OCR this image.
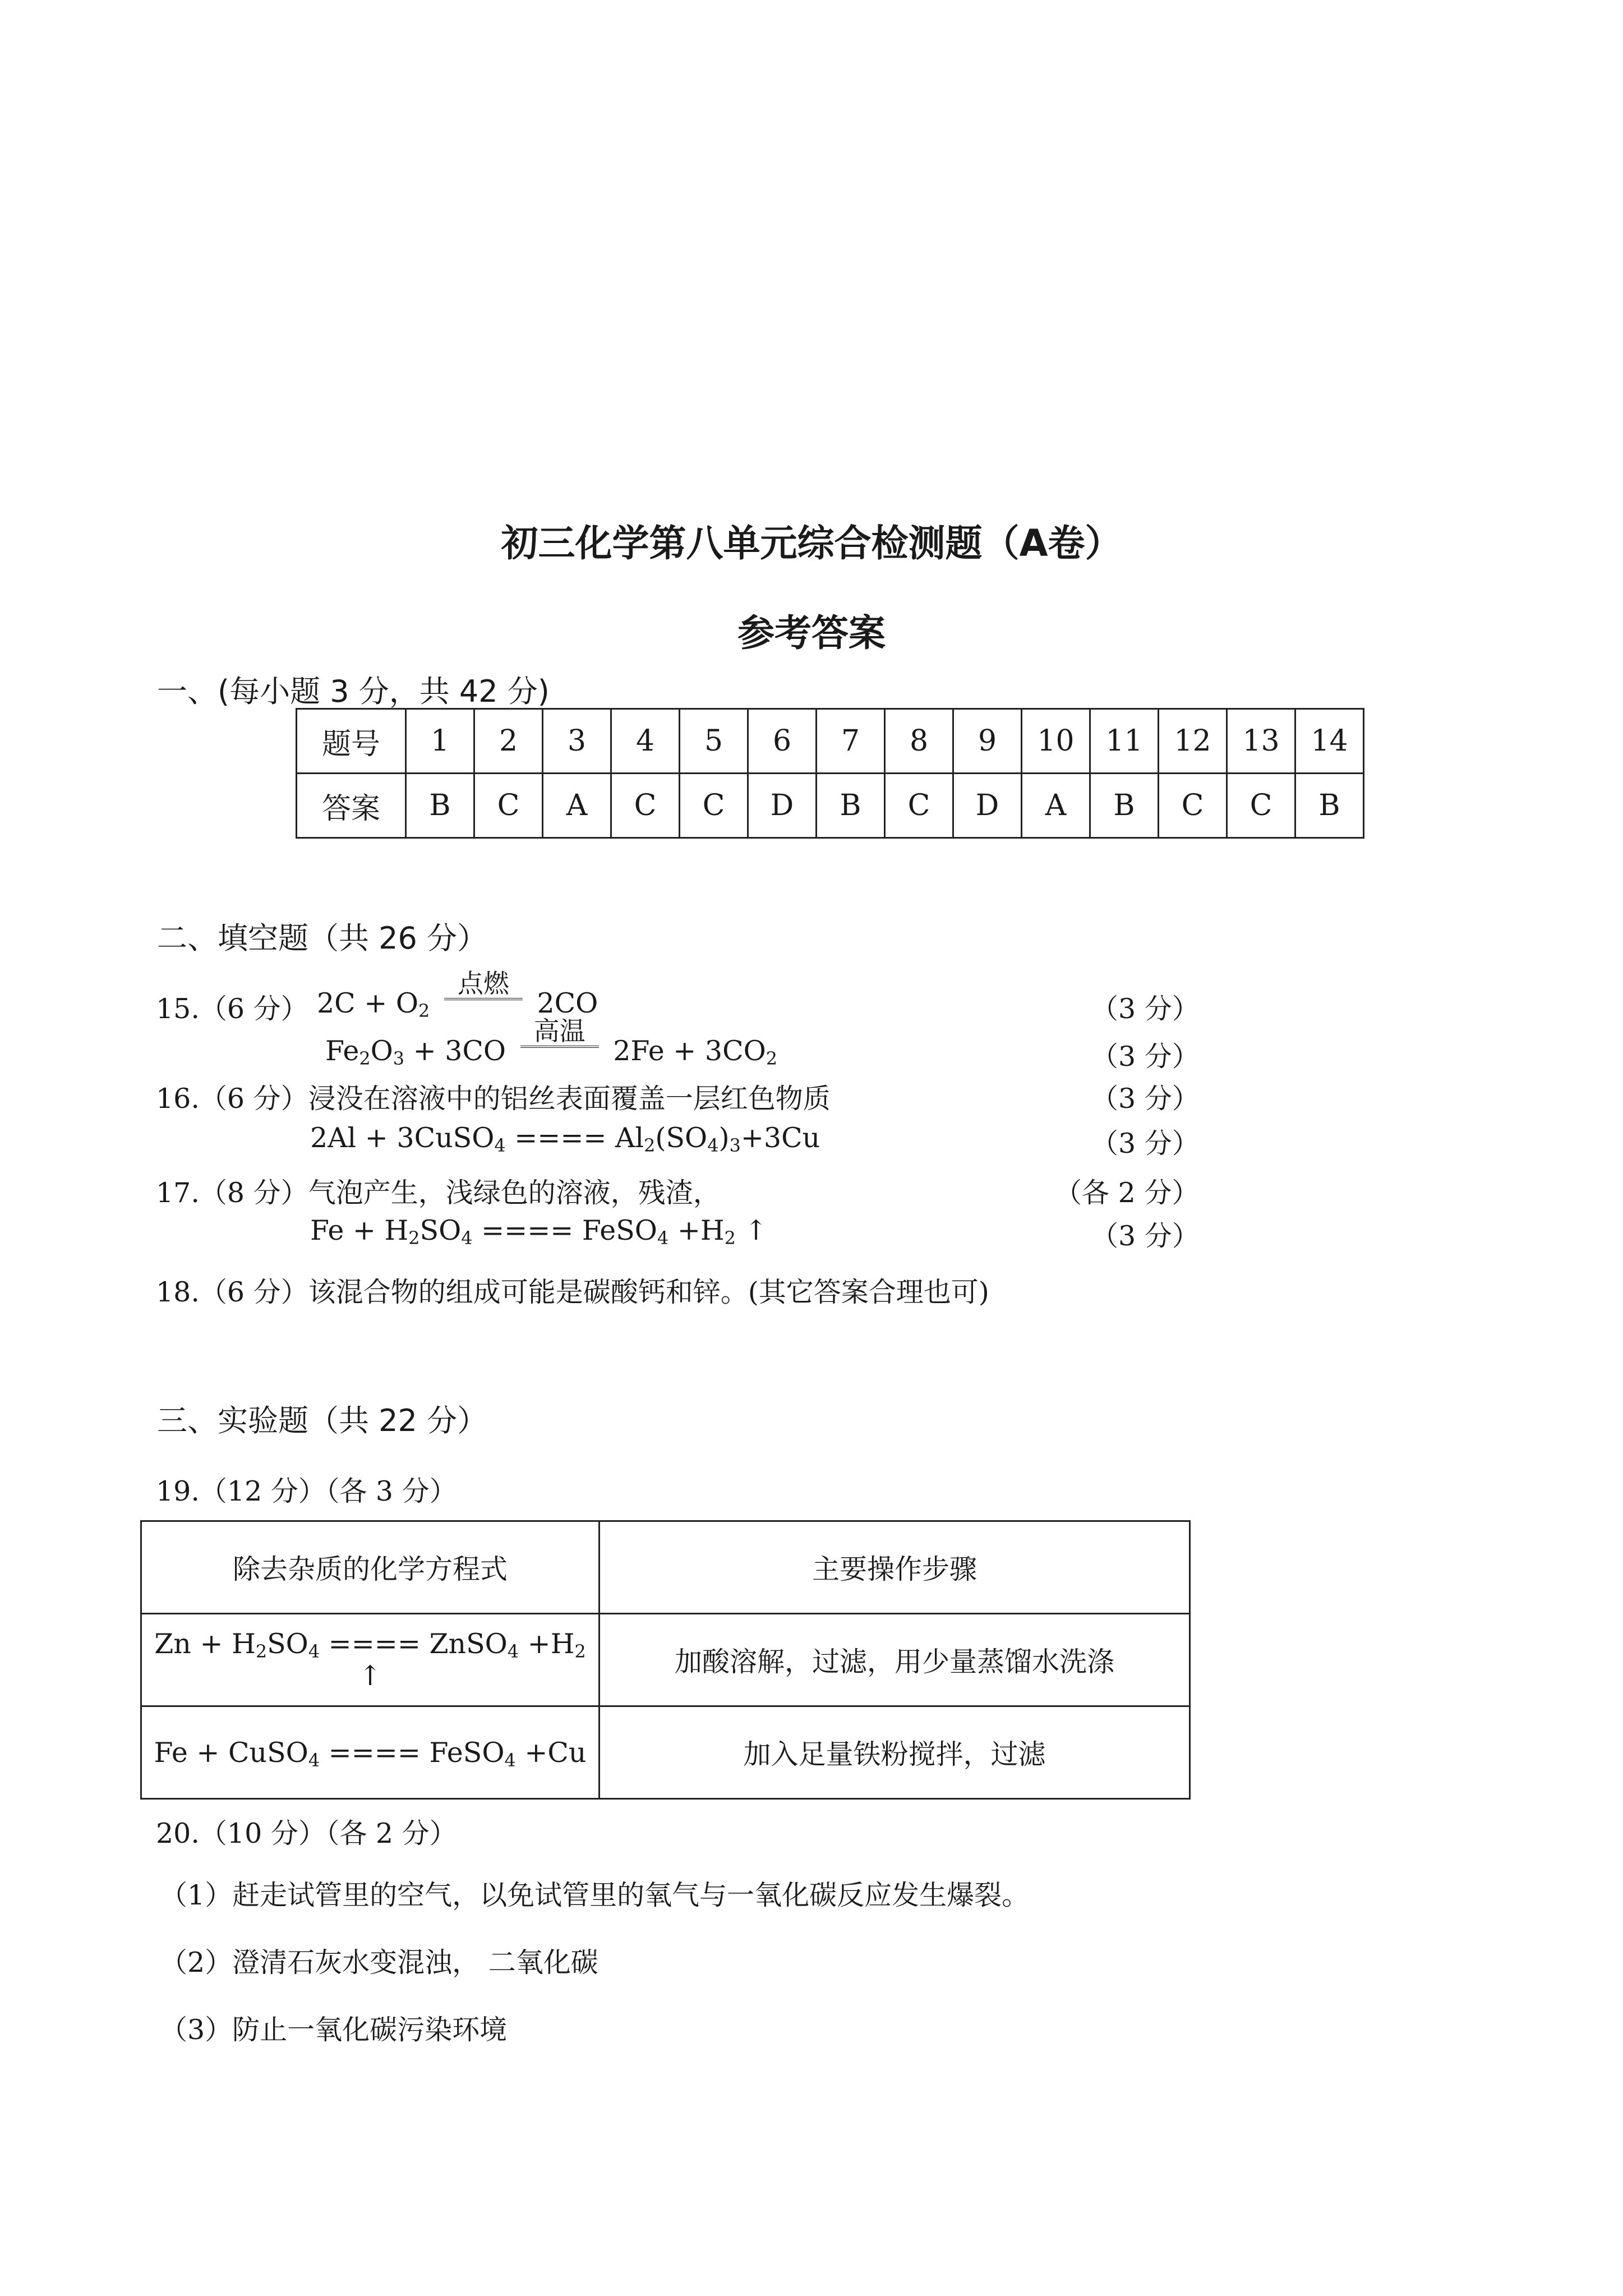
初三化学第八单元综合检测题（A卷）
参考答案
一、(每小题 3 分，共 42 分)
题号	1	2	3	4	5	6	7	8	9	10	11	12	13	14
答案	B	C	A	C	C	D	B	C	D	A	B	C	C	B
二、填空题（共 26 分）
15.（6 分） $2C + O_2$
点燃
2CO	（3 分）
$Fe_2O_3 + 3CO$
高温
$2Fe + 3CO_2$	（3 分）
16.（6 分）浸没在溶液中的铝丝表面覆盖一层红色物质	（3 分）
2Al + 3CuSO$_4$ ==== $Al_2(SO_4)_3+3Cu$	（3 分）
17.（8 分）气泡产生，浅绿色的溶液，残渣，	（各 2 分）
$Fe + H_2SO_4$ ==== FeSO$_4$ $+H_2$ ↑	（3 分）
18.（6 分）该混合物的组成可能是碳酸钙和锌。(其它答案合理也可)
三、实验题（共 22 分）
19.（12 分）（各 3 分）
除去杂质的化学方程式	主要操作步骤
$Zn + H_2SO_4$ ==== ZnSO$_4$ $+H_2$ ↑	加酸溶解，过滤，用少量蒸馏水洗涤
Fe + CuSO$_4$ ==== FeSO$_4$ +Cu	加入足量铁粉搅拌，过滤
20.（10 分）（各 2 分）
（1）赶走试管里的空气，以免试管里的氧气与一氧化碳反应发生爆裂。
（2）澄清石灰水变混浊， 二氧化碳
（3）防止一氧化碳污染环境
